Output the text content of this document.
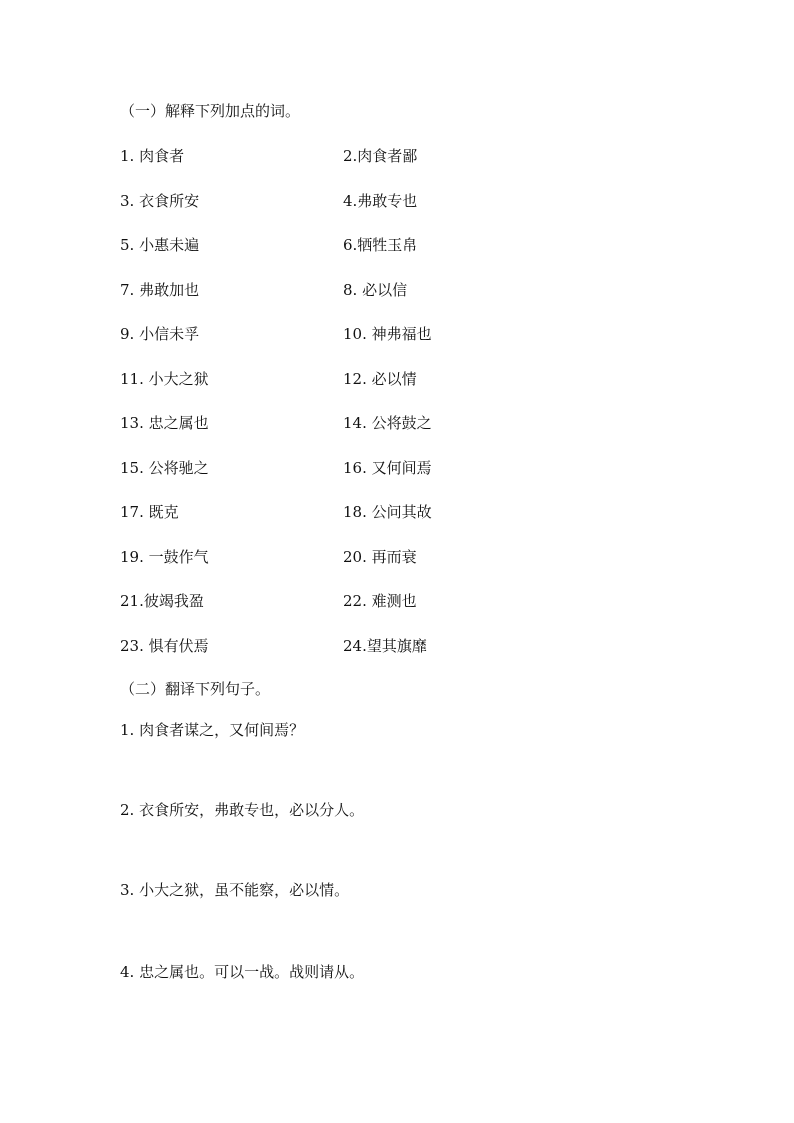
（一）解释下列加点的词。
1. 肉食者	2.肉食者鄙
3. 衣食所安	4.弗敢专也
5. 小惠未遍	6.牺牲玉帛
7. 弗敢加也	8. 必以信
9. 小信未孚	10. 神弗福也
11. 小大之狱	12. 必以情
13. 忠之属也	14. 公将鼓之
15. 公将驰之	16. 又何间焉
17. 既克	18. 公问其故
19. 一鼓作气	20. 再而衰
21.彼竭我盈	22. 难测也
23. 惧有伏焉	24.望其旗靡
（二）翻译下列句子。
1. 肉食者谋之，又何间焉？
2. 衣食所安，弗敢专也，必以分人。
3. 小大之狱，虽不能察，必以情。
4. 忠之属也。可以一战。战则请从。
